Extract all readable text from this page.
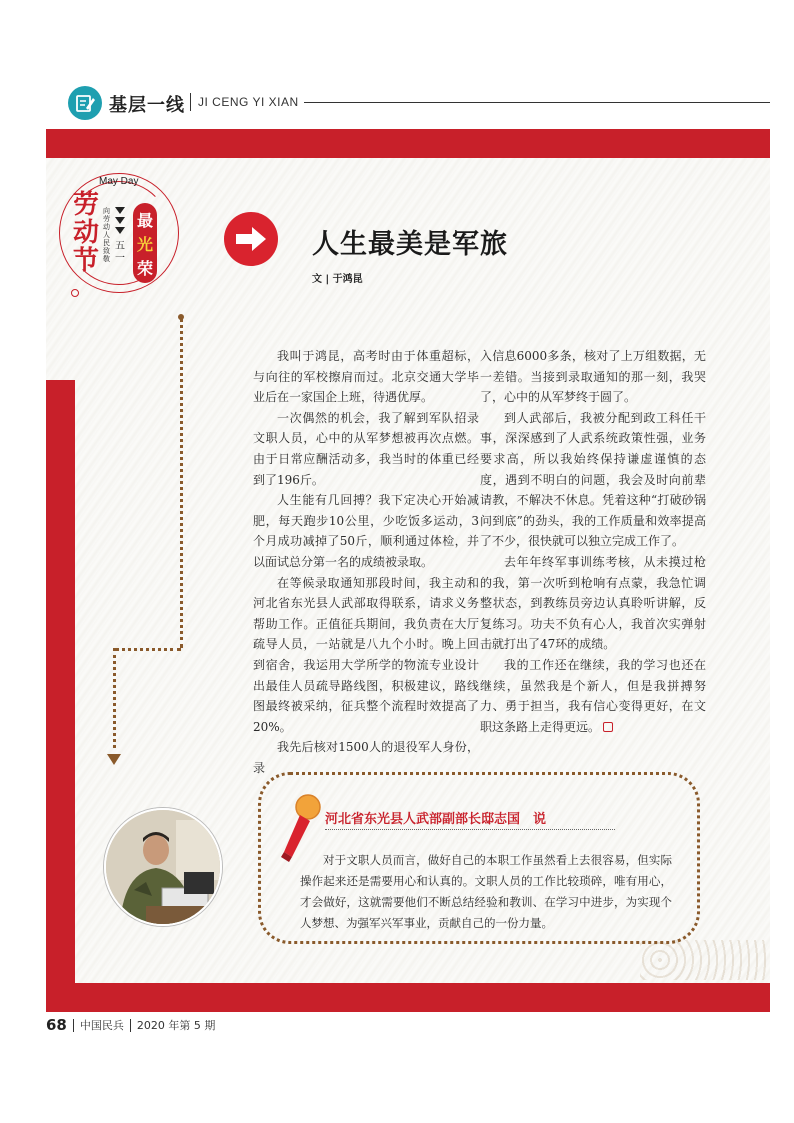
基层一线 JI CENG YI XIAN
May Day
劳动节
向劳动人民致敬
五一
最
光
荣
人生最美是军旅
文 | 于鸿昆

我叫于鸿昆，高考时由于体重超标，与向往的军校擦肩而过。北京交通大学毕业后在一家国企上班，待遇优厚。

一次偶然的机会，我了解到军队招录文职人员，心中的从军梦想被再次点燃。由于日常应酬活动多，我当时的体重已经到了196斤。

人生能有几回搏？我下定决心开始减肥，每天跑步10公里，少吃饭多运动，3个月成功减掉了50斤，顺利通过体检，并以面试总分第一名的成绩被录取。

在等候录取通知那段时间，我主动和河北省东光县人武部取得联系，请求义务帮助工作。正值征兵期间，我负责在大厅疏导人员，一站就是八九个小时。晚上回到宿舍，我运用大学所学的物流专业设计出最佳人员疏导路线图，积极建议，路线图最终被采纳，征兵整个流程时效提高了20%。

我先后核对1500人的退役军人身份，录

入信息6000多条，核对了上万组数据，无一差错。当接到录取通知的那一刻，我哭了，心中的从军梦终于圆了。

到人武部后，我被分配到政工科任干事，深深感到了人武系统政策性强，业务要求高，所以我始终保持谦虚谨慎的态度，遇到不明白的问题，我会及时向前辈请教，不解决不休息。凭着这种“打破砂锅问到底”的劲头，我的工作质量和效率提高了不少，很快就可以独立完成工作了。

去年年终军事训练考核，从未摸过枪的我，第一次听到枪响有点蒙，我急忙调整状态，到教练员旁边认真聆听讲解，反复练习。功夫不负有心人，我首次实弹射击就打出了47环的成绩。

我的工作还在继续，我的学习也还在继续，虽然我是个新人，但是我拼搏努力、勇于担当，我有信心变得更好，在文职这条路上走得更远。

河北省东光县人武部副部长邸志国　说

对于文职人员而言，做好自己的本职工作虽然看上去很容易，但实际操作起来还是需要用心和认真的。文职人员的工作比较琐碎，唯有用心，才会做好，这就需要他们不断总结经验和教训、在学习中进步，为实现个人梦想、为强军兴军事业，贡献自己的一份力量。

68 中国民兵 2020 年第 5 期
